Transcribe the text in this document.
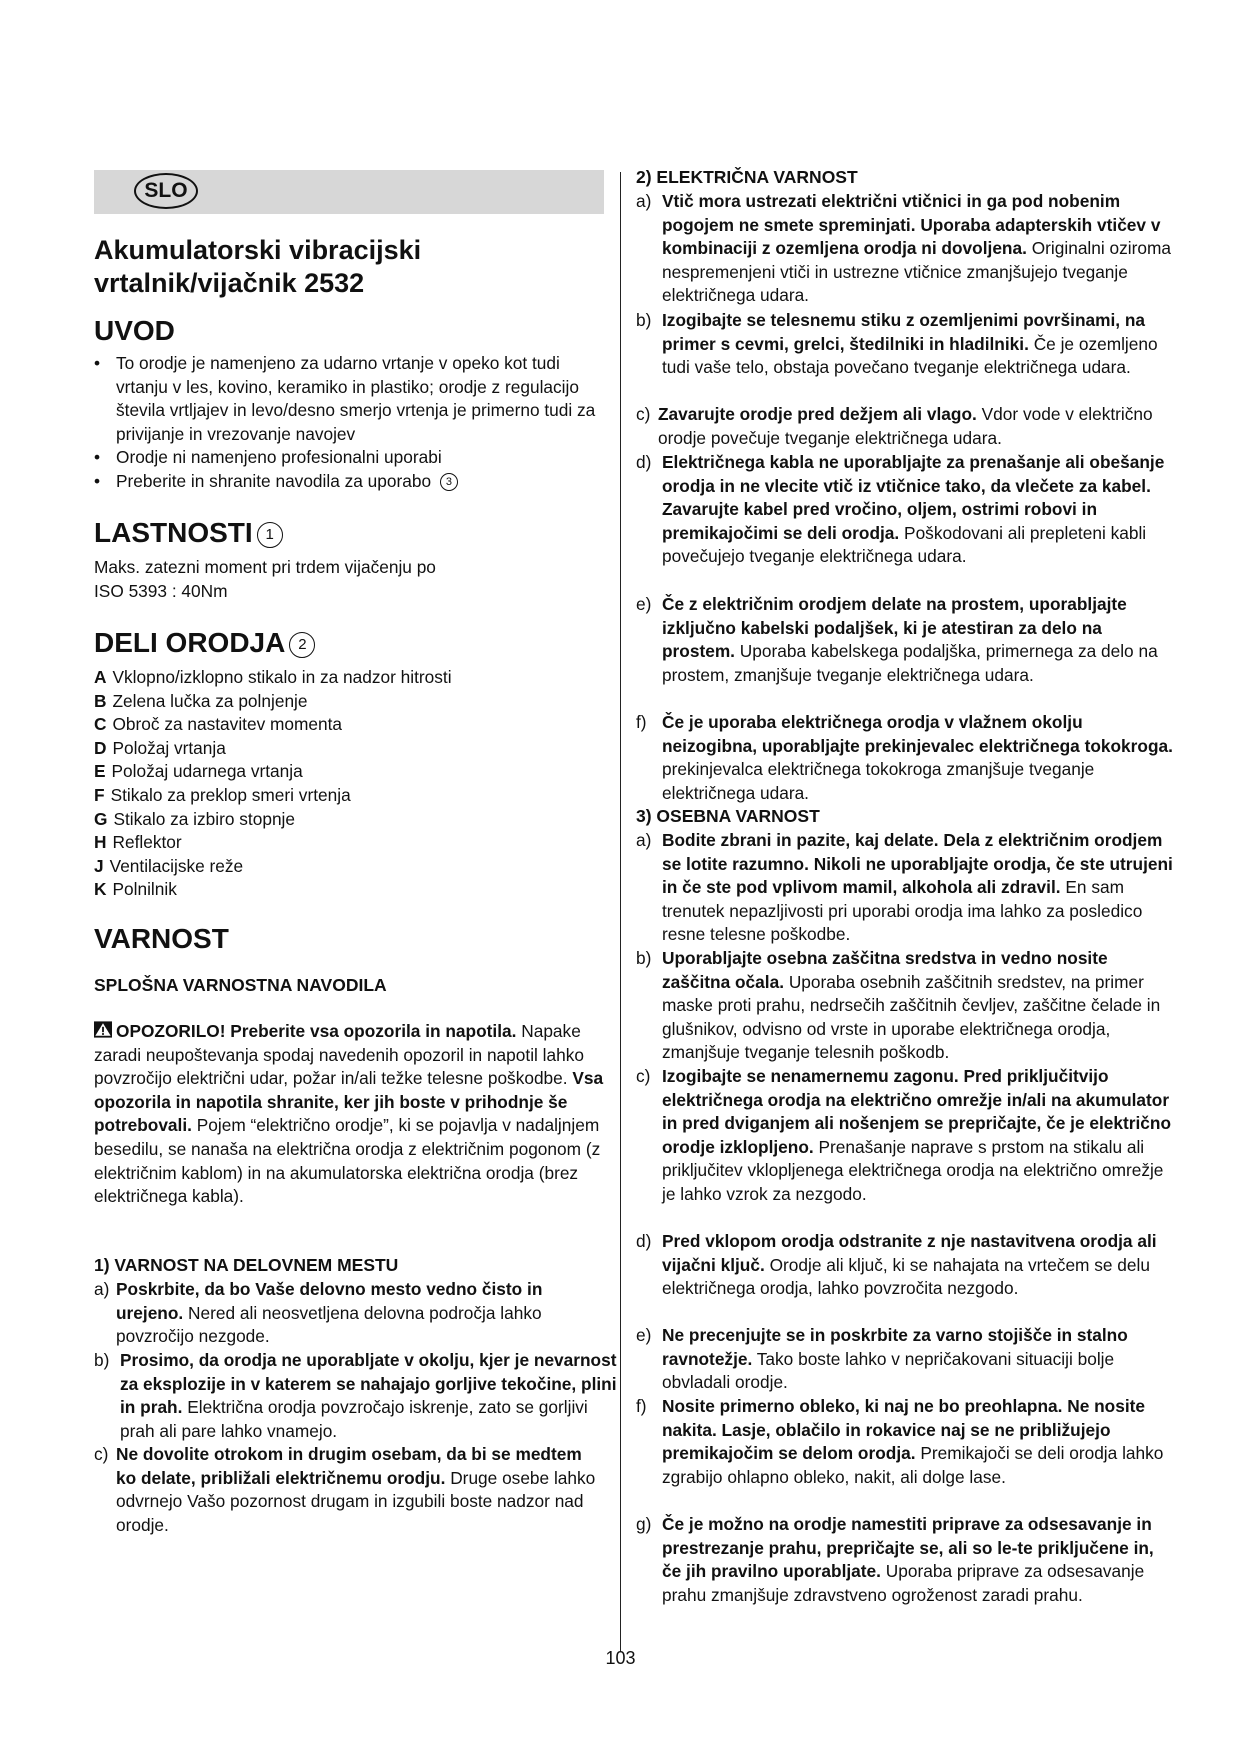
SLO
Akumulatorski vibracijski
vrtalnik/vijačnik 2532
UVOD
• To orodje je namenjeno za udarno vrtanje v opeko kot tudi vrtanju v les, kovino, keramiko in plastiko; orodje z regulacijo števila vrtljajev in levo/desno smerjo vrtenja je primerno tudi za privijanje in vrezovanje navojev
• Orodje ni namenjeno profesionalni uporabi
• Preberite in shranite navodila za uporabo 3
LASTNOSTI 1
Maks. zatezni moment pri trdem vijačenju po
ISO 5393 : 40Nm
DELI ORODJA 2
A Vklopno/izklopno stikalo in za nadzor hitrosti
B Zelena lučka za polnjenje
C Obroč za nastavitev momenta
D Položaj vrtanja
E Položaj udarnega vrtanja
F Stikalo za preklop smeri vrtenja
G Stikalo za izbiro stopnje
H Reflektor
J Ventilacijske reže
K Polnilnik
VARNOST
SPLOŠNA VARNOSTNA NAVODILA
OPOZORILO! Preberite vsa opozorila in napotila. Napake zaradi neupoštevanja spodaj navedenih opozoril in napotil lahko povzročijo električni udar, požar in/ali težke telesne poškodbe. Vsa opozorila in napotila shranite, ker jih boste v prihodnje še potrebovali. Pojem “električno orodje”, ki se pojavlja v nadaljnjem besedilu, se nanaša na električna orodja z električnim pogonom (z električnim kablom) in na akumulatorska električna orodja (brez električnega kabla).
1) VARNOST NA DELOVNEM MESTU
a) Poskrbite, da bo Vaše delovno mesto vedno čisto in urejeno. Nered ali neosvetljena delovna področja lahko povzročijo nezgode.
b) Prosimo, da orodja ne uporabljate v okolju, kjer je nevarnost za eksplozije in v katerem se nahajajo gorljive tekočine, plini in prah. Električna orodja povzročajo iskrenje, zato se gorljivi prah ali pare lahko vnamejo.
c) Ne dovolite otrokom in drugim osebam, da bi se medtem ko delate, približali električnemu orodju. Druge osebe lahko odvrnejo Vašo pozornost drugam in izgubili boste nadzor nad orodje.
2) ELEKTRIČNA VARNOST
a) Vtič mora ustrezati električni vtičnici in ga pod nobenim pogojem ne smete spreminjati. Uporaba adapterskih vtičev v kombinaciji z ozemljena orodja ni dovoljena. Originalni oziroma nespremenjeni vtiči in ustrezne vtičnice zmanjšujejo tveganje električnega udara.
b) Izogibajte se telesnemu stiku z ozemljenimi površinami, na primer s cevmi, grelci, štedilniki in hladilniki. Če je ozemljeno tudi vaše telo, obstaja povečano tveganje električnega udara.
c) Zavarujte orodje pred dežjem ali vlago. Vdor vode v električno orodje povečuje tveganje električnega udara.
d) Električnega kabla ne uporabljajte za prenašanje ali obešanje orodja in ne vlecite vtič iz vtičnice tako, da vlečete za kabel. Zavarujte kabel pred vročino, oljem, ostrimi robovi in premikajočimi se deli orodja. Poškodovani ali prepleteni kabli povečujejo tveganje električnega udara.
e) Če z električnim orodjem delate na prostem, uporabljajte izključno kabelski podaljšek, ki je atestiran za delo na prostem. Uporaba kabelskega podaljška, primernega za delo na prostem, zmanjšuje tveganje električnega udara.
f) Če je uporaba električnega orodja v vlažnem okolju neizogibna, uporabljajte prekinjevalec električnega tokokroga. prekinjevalca električnega tokokroga zmanjšuje tveganje električnega udara.
3) OSEBNA VARNOST
a) Bodite zbrani in pazite, kaj delate. Dela z električnim orodjem se lotite razumno. Nikoli ne uporabljajte orodja, če ste utrujeni in če ste pod vplivom mamil, alkohola ali zdravil. En sam trenutek nepazljivosti pri uporabi orodja ima lahko za posledico resne telesne poškodbe.
b) Uporabljajte osebna zaščitna sredstva in vedno nosite zaščitna očala. Uporaba osebnih zaščitnih sredstev, na primer maske proti prahu, nedrsečih zaščitnih čevljev, zaščitne čelade in glušnikov, odvisno od vrste in uporabe električnega orodja, zmanjšuje tveganje telesnih poškodb.
c) Izogibajte se nenamernemu zagonu. Pred priključitvijo električnega orodja na električno omrežje in/ali na akumulator in pred dviganjem ali nošenjem se prepričajte, če je električno orodje izklopljeno. Prenašanje naprave s prstom na stikalu ali priključitev vklopljenega električnega orodja na električno omrežje je lahko vzrok za nezgodo.
d) Pred vklopom orodja odstranite z nje nastavitvena orodja ali vijačni ključ. Orodje ali ključ, ki se nahajata na vrtečem se delu električnega orodja, lahko povzročita nezgodo.
e) Ne precenjujte se in poskrbite za varno stojišče in stalno ravnotežje. Tako boste lahko v nepričakovani situaciji bolje obvladali orodje.
f) Nosite primerno obleko, ki naj ne bo preohlapna. Ne nosite nakita. Lasje, oblačilo in rokavice naj se ne približujejo premikajočim se delom orodja. Premikajoči se deli orodja lahko zgrabijo ohlapno obleko, nakit, ali dolge lase.
g) Če je možno na orodje namestiti priprave za odsesavanje in prestrezanje prahu, prepričajte se, ali so le-te priključene in, če jih pravilno uporabljate. Uporaba priprave za odsesavanje prahu zmanjšuje zdravstveno ogroženost zaradi prahu.
103
